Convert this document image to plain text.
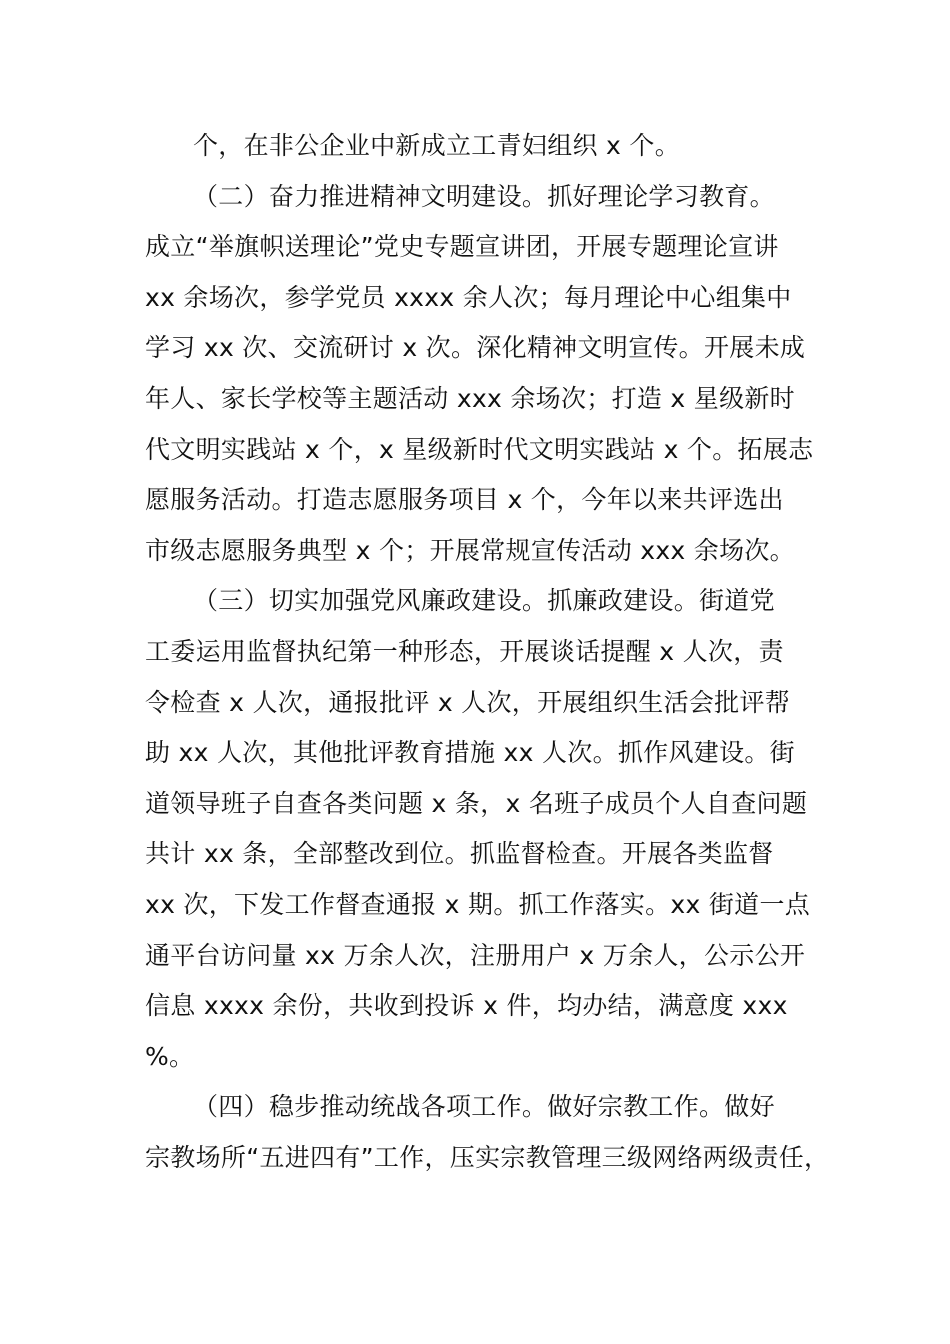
个，在非公企业中新成立工青妇组织 x 个。
（二）奋力推进精神文明建设。抓好理论学习教育。
成立“举旗帜送理论”党史专题宣讲团，开展专题理论宣讲
xx 余场次，参学党员 xxxx 余人次；每月理论中心组集中
学习 xx 次、交流研讨 x 次。深化精神文明宣传。开展未成
年人、家长学校等主题活动 xxx 余场次；打造 x 星级新时
代文明实践站 x 个，x 星级新时代文明实践站 x 个。拓展志
愿服务活动。打造志愿服务项目 x 个，今年以来共评选出
市级志愿服务典型 x 个；开展常规宣传活动 xxx 余场次。
（三）切实加强党风廉政建设。抓廉政建设。街道党
工委运用监督执纪第一种形态，开展谈话提醒 x 人次，责
令检查 x 人次，通报批评 x 人次，开展组织生活会批评帮
助 xx 人次，其他批评教育措施 xx 人次。抓作风建设。街
道领导班子自查各类问题 x 条，x 名班子成员个人自查问题
共计 xx 条，全部整改到位。抓监督检查。开展各类监督
xx 次，下发工作督查通报 x 期。抓工作落实。xx 街道一点
通平台访问量 xx 万余人次，注册用户 x 万余人，公示公开
信息 xxxx 余份，共收到投诉 x 件，均办结，满意度 xxx
%。
（四）稳步推动统战各项工作。做好宗教工作。做好
宗教场所“五进四有”工作，压实宗教管理三级网络两级责任，
